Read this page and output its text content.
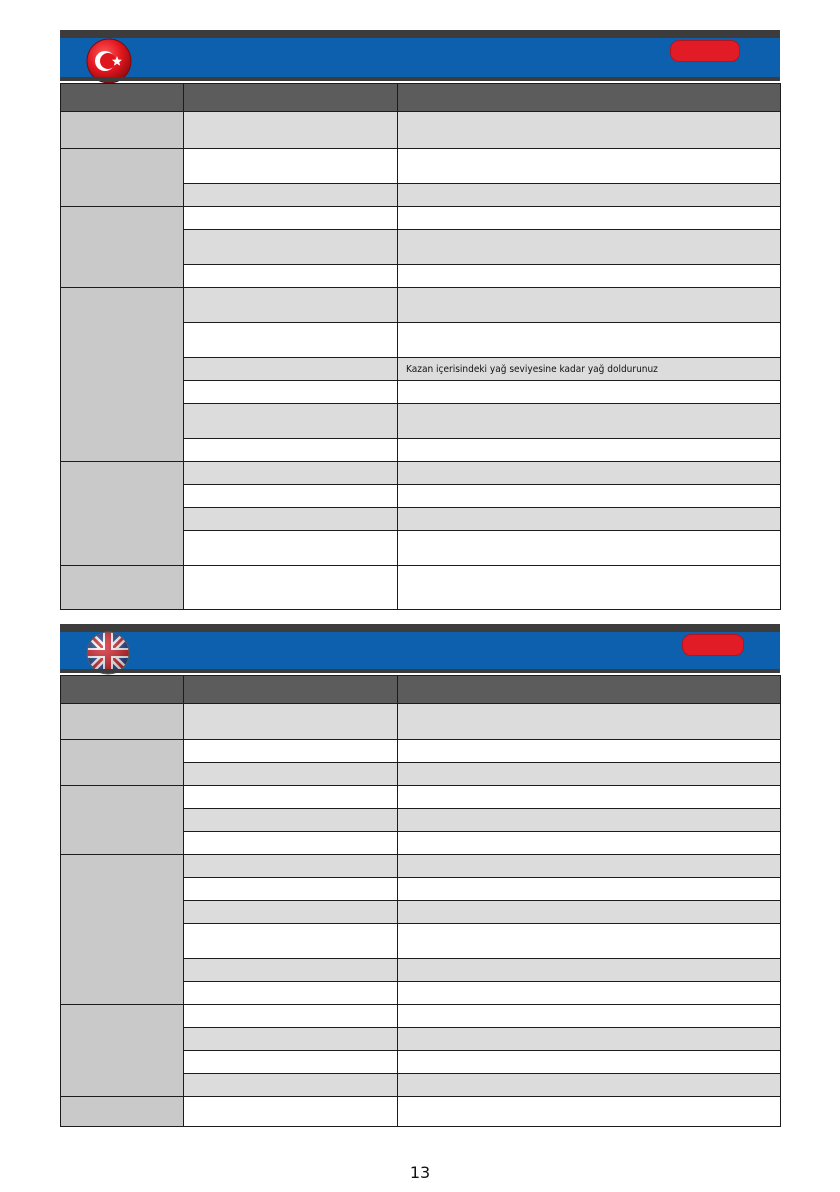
		Kazan içerisindeki yağ seviyesine kadar yağ doldurunuz

13
